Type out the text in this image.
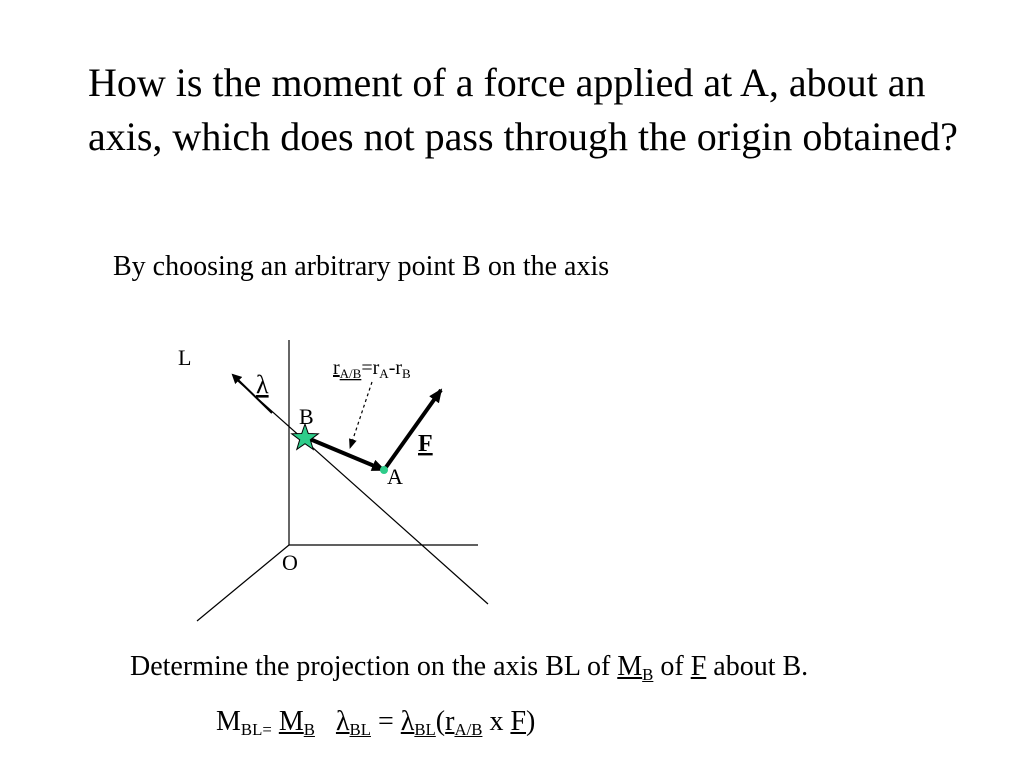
How is the moment of a force applied at A, about an axis, which does not pass through the origin obtained?
By choosing an arbitrary point B on the axis
L
λ
B
A
O
F
$r_{A/B}=r_A-r_B$
Determine the projection on the axis BL of $M_B$ of F about B.
$M_{BL=}$ $M_B$ $\lambda_{BL} = \lambda_{BL}(r_{A/B}$ x F)
